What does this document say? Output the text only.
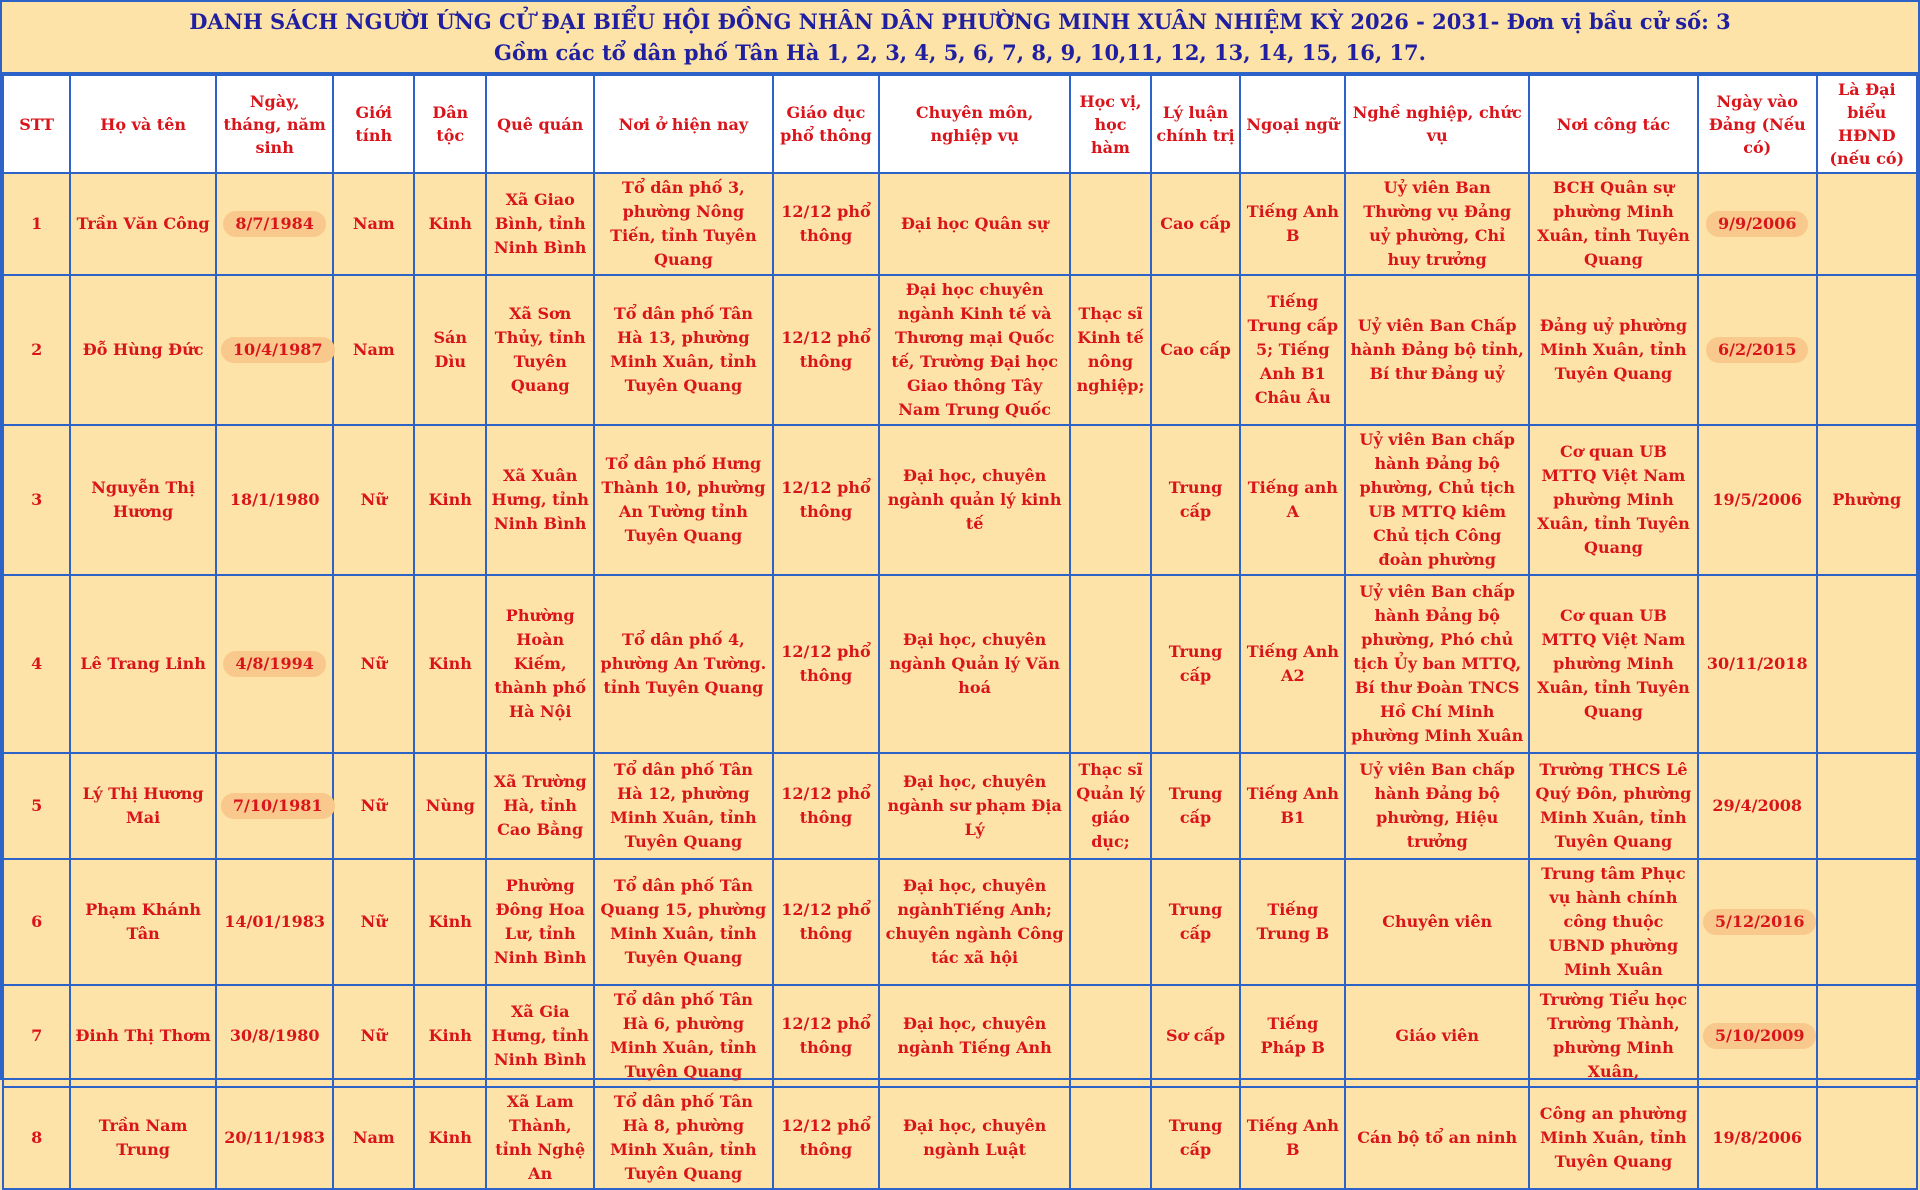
DANH SÁCH NGƯỜI ỨNG CỬ ĐẠI BIỂU HỘI ĐỒNG NHÂN DÂN PHƯỜNG MINH XUÂN NHIỆM KỲ 2026 - 2031- Đơn vị bầu cử số: 3
Gồm các tổ dân phố Tân Hà 1, 2, 3, 4, 5, 6, 7, 8, 9, 10,11, 12, 13, 14, 15, 16, 17.
STT	Họ và tên	Ngày, tháng, năm sinh	Giới tính	Dân tộc	Quê quán	Nơi ở hiện nay	Giáo dục phổ thông	Chuyên môn, nghiệp vụ	Học vị, học hàm	Lý luận chính trị	Ngoại ngữ	Nghề nghiệp, chức vụ	Nơi công tác	Ngày vào Đảng (Nếu có)	Là Đại biểu HĐND (nếu có)
1	Trần Văn Công	8/7/1984	Nam	Kinh	Xã Giao Bình, tỉnh Ninh Bình	Tổ dân phố 3, phường Nông Tiến, tỉnh Tuyên Quang	12/12 phổ thông	Đại học Quân sự		Cao cấp	Tiếng Anh B	Uỷ viên Ban Thường vụ Đảng uỷ phường, Chỉ huy trưởng	BCH Quân sự phường Minh Xuân, tỉnh Tuyên Quang	9/9/2006	
2	Đỗ Hùng Đức	10/4/1987	Nam	Sán Dìu	Xã Sơn Thủy, tỉnh Tuyên Quang	Tổ dân phố Tân Hà 13, phường Minh Xuân, tỉnh Tuyên Quang	12/12 phổ thông	Đại học chuyên ngành Kinh tế và Thương mại Quốc tế, Trường Đại học Giao thông Tây Nam Trung Quốc	Thạc sĩ Kinh tế nông nghiệp;	Cao cấp	Tiếng Trung cấp 5; Tiếng Anh B1 Châu Âu	Uỷ viên Ban Chấp hành Đảng bộ tỉnh, Bí thư Đảng uỷ	Đảng uỷ phường Minh Xuân, tỉnh Tuyên Quang	6/2/2015	
3	Nguyễn Thị Hương	18/1/1980	Nữ	Kinh	Xã Xuân Hưng, tỉnh Ninh Bình	Tổ dân phố Hưng Thành 10, phường An Tường tỉnh Tuyên Quang	12/12 phổ thông	Đại học, chuyên ngành quản lý kinh tế		Trung cấp	Tiếng anh A	Uỷ viên Ban chấp hành Đảng bộ phường, Chủ tịch UB MTTQ kiêm Chủ tịch Công đoàn phường	Cơ quan UB MTTQ Việt Nam phường Minh Xuân, tỉnh Tuyên Quang	19/5/2006	Phường
4	Lê Trang Linh	4/8/1994	Nữ	Kinh	Phường Hoàn Kiếm, thành phố Hà Nội	Tổ dân phố 4, phường An Tường. tỉnh Tuyên Quang	12/12 phổ thông	Đại học, chuyên ngành Quản lý Văn hoá		Trung cấp	Tiếng Anh A2	Uỷ viên Ban chấp hành Đảng bộ phường, Phó chủ tịch Ủy ban MTTQ, Bí thư Đoàn TNCS Hồ Chí Minh phường Minh Xuân	Cơ quan UB MTTQ Việt Nam phường Minh Xuân, tỉnh Tuyên Quang	30/11/2018	
5	Lý Thị Hương Mai	7/10/1981	Nữ	Nùng	Xã Trường Hà, tỉnh Cao Bằng	Tổ dân phố Tân Hà 12, phường Minh Xuân, tỉnh Tuyên Quang	12/12 phổ thông	Đại học, chuyên ngành sư phạm Địa Lý	Thạc sĩ Quản lý giáo dục;	Trung cấp	Tiếng Anh B1	Uỷ viên Ban chấp hành Đảng bộ phường, Hiệu trưởng	Trường THCS Lê Quý Đôn, phường Minh Xuân, tỉnh Tuyên Quang	29/4/2008	
6	Phạm Khánh Tân	14/01/1983	Nữ	Kinh	Phường Đông Hoa Lư, tỉnh Ninh Bình	Tổ dân phố Tân Quang 15, phường Minh Xuân, tỉnh Tuyên Quang	12/12 phổ thông	Đại học, chuyên ngànhTiếng Anh; chuyên ngành Công tác xã hội		Trung cấp	Tiếng Trung B	Chuyên viên	Trung tâm Phục vụ hành chính công thuộc UBND phường Minh Xuân	5/12/2016	
7	Đinh Thị Thơm	30/8/1980	Nữ	Kinh	Xã Gia Hưng, tỉnh Ninh Bình	Tổ dân phố Tân Hà 6, phường Minh Xuân, tỉnh Tuyên Quang	12/12 phổ thông	Đại học, chuyên ngành Tiếng Anh		Sơ cấp	Tiếng Pháp B	Giáo viên	Trường Tiểu học Trường Thành, phường Minh Xuân,	5/10/2009	
8	Trần Nam Trung	20/11/1983	Nam	Kinh	Xã Lam Thành, tỉnh Nghệ An	Tổ dân phố Tân Hà 8, phường Minh Xuân, tỉnh Tuyên Quang	12/12 phổ thông	Đại học, chuyên ngành Luật		Trung cấp	Tiếng Anh B	Cán bộ tổ an ninh	Công an phường Minh Xuân, tỉnh Tuyên Quang	19/8/2006	
